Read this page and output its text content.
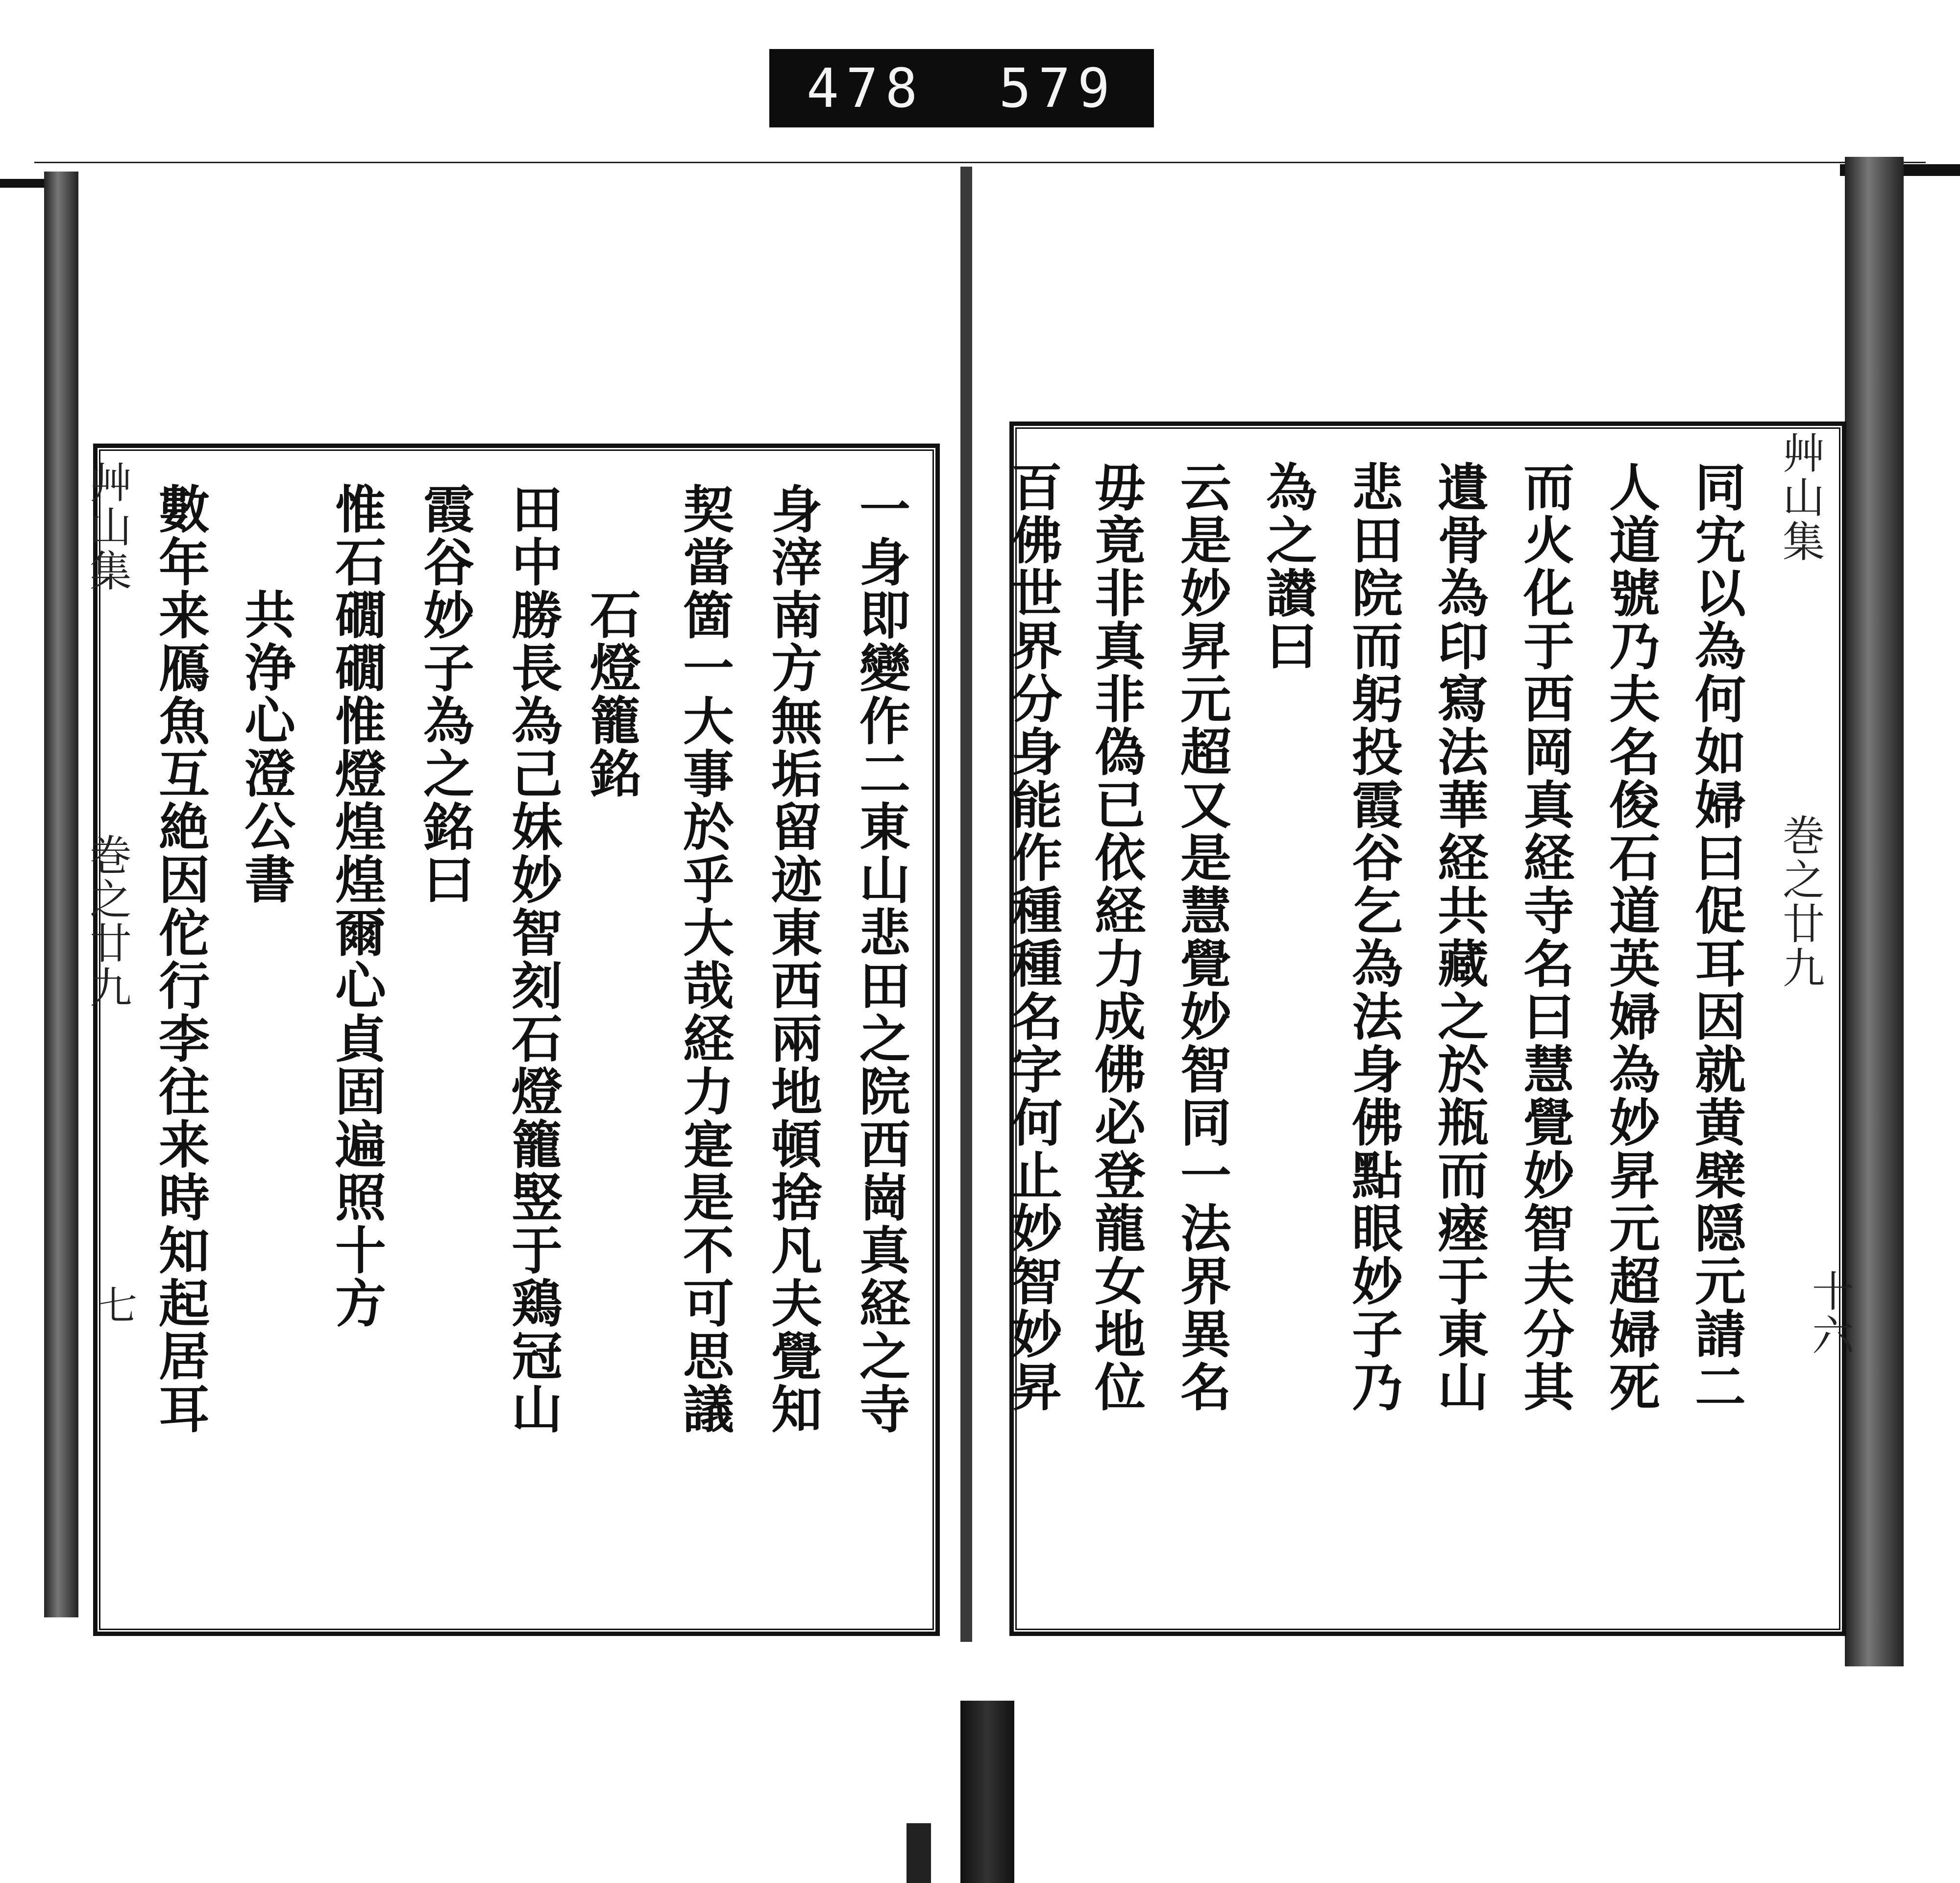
478 579
艸山集
巻之廿九
七	一身即變作二東山悲田之院西崗真経之寺
身滓南方無垢留迹東西兩地頓捨凡夫覺知
契當箇一大事於乎大哉経力寔是不可思議
石燈籠銘
田中勝長為己妹妙智刻石燈籠竪于鶏冠山
霞谷妙子為之銘曰
惟石礀礀惟燈煌煌爾心貞固遍照十方
共浄心澄公書
數年来鴈魚互絶因佗行李往来時知起居耳	艸山集
巻之廿九
十六
同宄以為何如婦曰促耳因就黄檗隠元請二
人道號乃夫名俊石道英婦為妙昇元超婦死
而火化于西岡真経寺名曰慧覺妙智夫分其
遺骨為印寫法華経共藏之於瓶而瘞于東山
悲田院而躬投霞谷乞為法身佛點眼妙子乃
為之讃曰
云是妙昇元超又是慧覺妙智同一法界異名
毋竟非真非偽已依経力成佛必登龍女地位
百佛世界分身能作種種名字何止妙智妙昇
